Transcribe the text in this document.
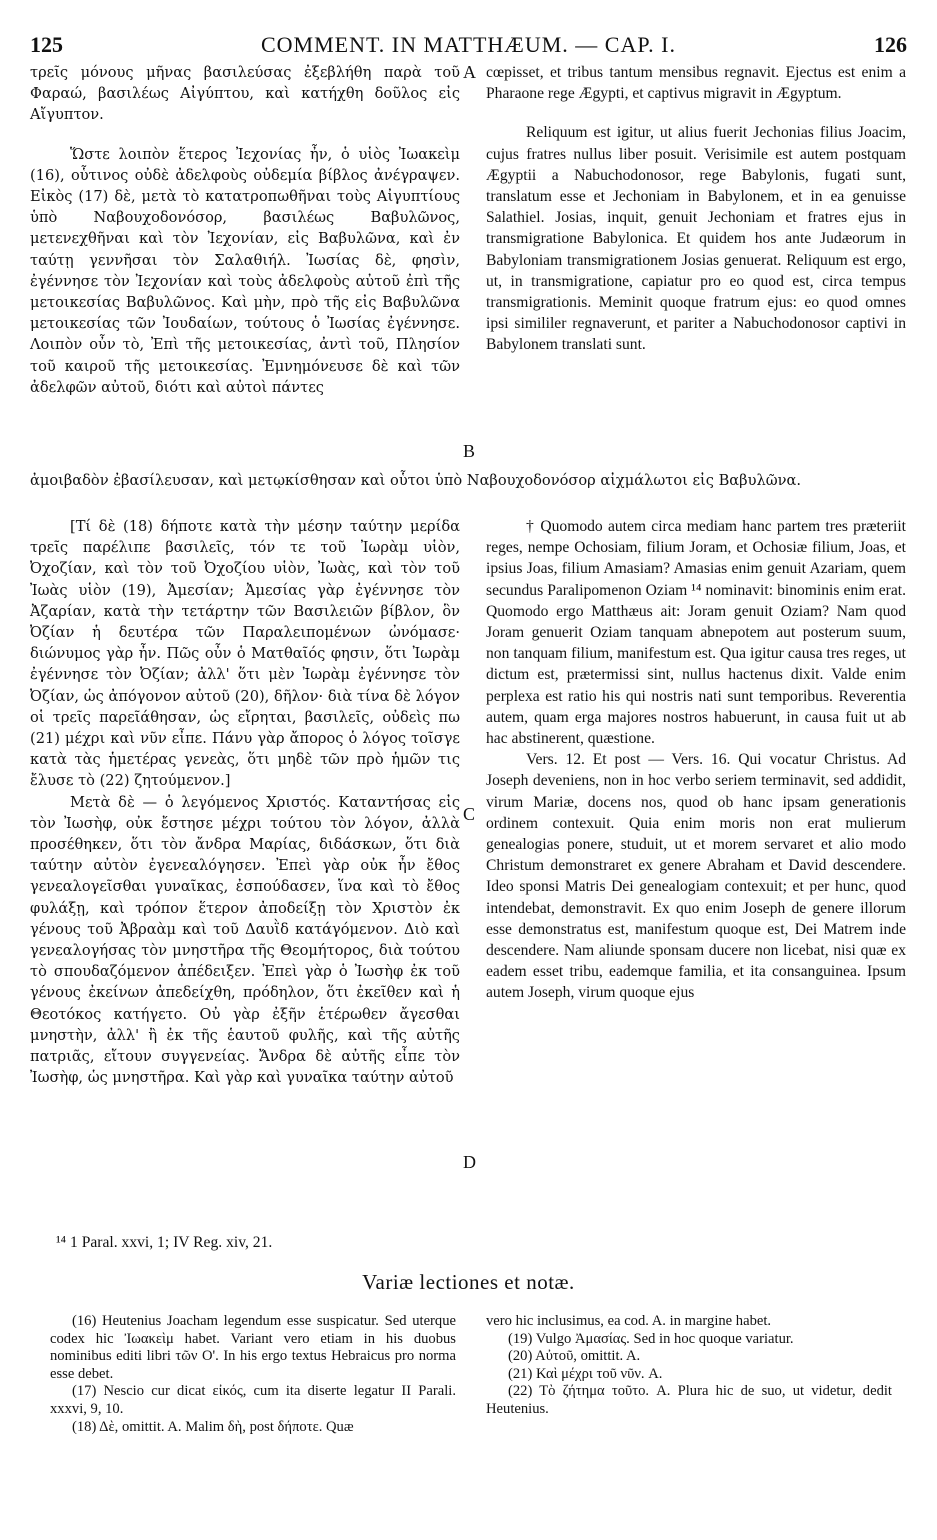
125	COMMENT. IN MATTHÆUM. — CAP. I.	126

τρεῖς μόνους μῆνας βασιλεύσας ἐξεβλήθη παρὰ τοῦ Φαραώ, βασιλέως Αἰγύπτου, καὶ κατήχθη δοῦλος εἰς Αἴγυπτον.

Ὥστε λοιπὸν ἕτερος Ἰεχονίας ἦν, ὁ υἱὸς Ἰωακεὶμ (16), οὗτινος οὐδὲ ἀδελφοὺς οὐδεμία βίβλος ἀνέγραψεν. Εἰκὸς (17) δὲ, μετὰ τὸ κατατροπωθῆναι τοὺς Αἰγυπτίους ὑπὸ Ναβουχοδονόσορ, βασιλέως Βαβυλῶνος, μετενεχθῆναι καὶ τὸν Ἰεχονίαν, εἰς Βαβυλῶνα, καὶ ἐν ταύτῃ γεννῆσαι τὸν Σαλαθιήλ. Ἰωσίας δὲ, φησὶν, ἐγέννησε τὸν Ἰεχονίαν καὶ τοὺς ἀδελφοὺς αὐτοῦ ἐπὶ τῆς μετοικεσίας Βαβυλῶνος. Καὶ μὴν, πρὸ τῆς εἰς Βαβυλῶνα μετοικεσίας τῶν Ἰουδαίων, τούτους ὁ Ἰωσίας ἐγέννησε. Λοιπὸν οὖν τὸ, Ἐπὶ τῆς μετοικεσίας, ἀντὶ τοῦ, Πλησίον τοῦ καιροῦ τῆς μετοικεσίας. Ἐμνημόνευσε δὲ καὶ τῶν ἀδελφῶν αὐτοῦ, διότι καὶ αὐτοὶ πάντες

cœpisset, et tribus tantum mensibus regnavit. Ejectus est enim a Pharaone rege Ægypti, et captivus migravit in Ægyptum.

Reliquum est igitur, ut alius fuerit Jechonias filius Joacim, cujus fratres nullus liber posuit. Verisimile est autem postquam Ægyptii a Nabuchodonosor, rege Babylonis, fugati sunt, translatum esse et Jechoniam in Babylonem, et in ea genuisse Salathiel. Josias, inquit, genuit Jechoniam et fratres ejus in transmigratione Babylonica. Et quidem hos ante Judæorum in Babyloniam transmigrationem Josias genuerat. Reliquum est ergo, ut, in transmigratione, capiatur pro eo quod est, circa tempus transmigrationis. Meminit quoque fratrum ejus: eo quod omnes ipsi simililer regnaverunt, et pariter a Nabuchodonosor captivi in Babylonem translati sunt.

A
B

ἀμοιβαδὸν ἐβασίλευσαν, καὶ μετῳκίσθησαν καὶ οὗτοι ὑπὸ Ναβουχοδονόσορ αἰχμάλωτοι εἰς Βαβυλῶνα.

[Τί δὲ (18) δήποτε κατὰ τὴν μέσην ταύτην μερίδα τρεῖς παρέλιπε βασιλεῖς, τόν τε τοῦ Ἰωρὰμ υἱὸν, Ὀχοζίαν, καὶ τὸν τοῦ Ὀχοζίου υἱὸν, Ἰωὰς, καὶ τὸν τοῦ Ἰωὰς υἱὸν (19), Ἀμεσίαν; Ἀμεσίας γὰρ ἐγέννησε τὸν Ἀζαρίαν, κατὰ τὴν τετάρτην τῶν Βασιλειῶν βίβλον, ὃν Ὀζίαν ἡ δευτέρα τῶν Παραλειπομένων ὠνόμασε· διώνυμος γὰρ ἦν. Πῶς οὖν ὁ Ματθαῖός φησιν, ὅτι Ἰωρὰμ ἐγέννησε τὸν Ὀζίαν; ἀλλ' ὅτι μὲν Ἰωρὰμ ἐγέννησε τὸν Ὀζίαν, ὡς ἀπόγονον αὐτοῦ (20), δῆλον· διὰ τίνα δὲ λόγον οἱ τρεῖς παρεῖάθησαν, ὡς εἴρηται, βασιλεῖς, οὐδεὶς πω (21) μέχρι καὶ νῦν εἶπε. Πάνυ γὰρ ἄπορος ὁ λόγος τοῖσγε κατὰ τὰς ἡμετέρας γενεὰς, ὅτι μηδὲ τῶν πρὸ ἡμῶν τις ἔλυσε τὸ (22) ζητούμενον.]

Μετὰ δὲ — ὁ λεγόμενος Χριστός. Καταντήσας εἰς τὸν Ἰωσὴφ, οὐκ ἔστησε μέχρι τούτου τὸν λόγον, ἀλλὰ προσέθηκεν, ὅτι τὸν ἄνδρα Μαρίας, διδάσκων, ὅτι διὰ ταύτην αὐτὸν ἐγενεαλόγησεν. Ἐπεὶ γὰρ οὐκ ἦν ἔθος γενεαλογεῖσθαι γυναῖκας, ἐσπούδασεν, ἵνα καὶ τὸ ἔθος φυλάξῃ, καὶ τρόπον ἕτερον ἀποδείξῃ τὸν Χριστὸν ἐκ γένους τοῦ Ἀβραὰμ καὶ τοῦ Δαυῒδ κατάγόμενον. Διὸ καὶ γενεαλογήσας τὸν μνηστῆρα τῆς Θεομήτορος, διὰ τούτου τὸ σπουδαζόμενον ἀπέδειξεν. Ἐπεὶ γὰρ ὁ Ἰωσὴφ ἐκ τοῦ γένους ἐκείνων ἀπεδείχθη, πρόδηλον, ὅτι ἐκεῖθεν καὶ ἡ Θεοτόκος κατήγετο. Οὐ γὰρ ἐξῆν ἑτέρωθεν ἄγεσθαι μνηστὴν, ἀλλ' ἢ ἐκ τῆς ἑαυτοῦ φυλῆς, καὶ τῆς αὐτῆς πατριᾶς, εἴτουν συγγενείας. Ἄνδρα δὲ αὐτῆς εἶπε τὸν Ἰωσὴφ, ὡς μνηστῆρα. Καὶ γὰρ καὶ γυναῖκα ταύτην αὐτοῦ

† Quomodo autem circa mediam hanc partem tres præteriit reges, nempe Ochosiam, filium Joram, et Ochosiæ filium, Joas, et ipsius Joas, filium Amasiam? Amasias enim genuit Azariam, quem secundus Paralipomenon Oziam ¹⁴ nominavit: binominis enim erat. Quomodo ergo Matthæus ait: Joram genuit Oziam? Nam quod Joram genuerit Oziam tanquam abnepotem aut posterum suum, non tanquam filium, manifestum est. Qua igitur causa tres reges, ut dictum est, prætermissi sint, nullus hactenus dixit. Valde enim perplexa est ratio his qui nostris nati sunt temporibus. Reverentia autem, quam erga majores nostros habuerunt, in causa fuit ut ab hac abstinerent, quæstione.

Vers. 12. Et post — Vers. 16. Qui vocatur Christus. Ad Joseph deveniens, non in hoc verbo seriem terminavit, sed addidit, virum Mariæ, docens nos, quod ob hanc ipsam generationis ordinem contexuit. Quia enim moris non erat mulierum genealogias ponere, studuit, ut et morem servaret et alio modo Christum demonstraret ex genere Abraham et David descendere. Ideo sponsi Matris Dei genealogiam contexuit; et per hunc, quod intendebat, demonstravit. Ex quo enim Joseph de genere illorum esse demonstratus est, manifestum quoque est, Dei Matrem inde descendere. Nam aliunde sponsam ducere non licebat, nisi quæ ex eadem esset tribu, eademque familia, et ita consanguinea. Ipsum autem Joseph, virum quoque ejus

C
D
¹⁴ 1 Paral. xxvi, 1; IV Reg. xiv, 21.
Variæ lectiones et notæ.

(16) Heutenius Joacham legendum esse suspicatur. Sed uterque codex hic Ἰωακεὶμ habet. Variant vero etiam in his duobus nominibus editi libri τῶν Ο'. In his ergo textus Hebraicus pro norma esse debet.

(17) Nescio cur dicat εἰκός, cum ita diserte legatur II Parali. xxxvi, 9, 10.

(18) Δὲ, omittit. A. Malim δὴ, post δήποτε. Quæ

vero hic inclusimus, ea cod. A. in margine habet.

(19) Vulgo Ἀμασίας. Sed in hoc quoque variatur.

(20) Αὐτοῦ, omittit. A.

(21) Καὶ μέχρι τοῦ νῦν. A.

(22) Τὸ ζήτημα τοῦτο. A. Plura hic de suo, ut videtur, dedit Heutenius.
